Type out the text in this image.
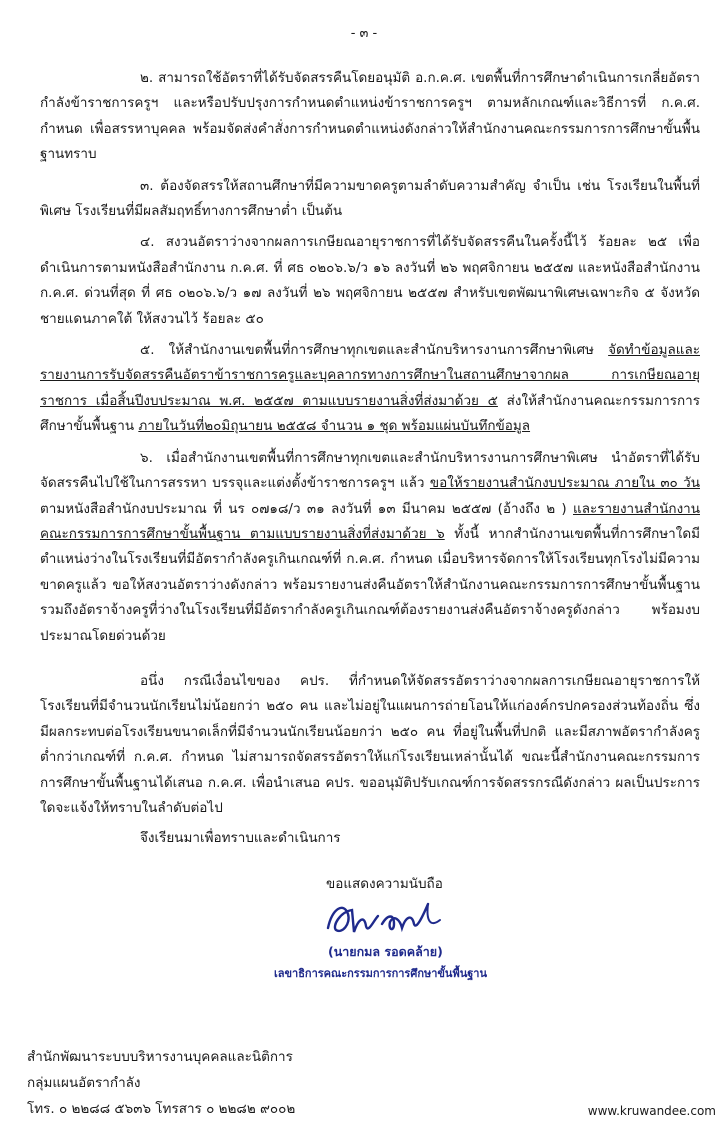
- ๓ -

๒. สามารถใช้อัตราที่ได้รับจัดสรรคืนโดยอนุมัติ อ.ก.ค.ศ. เขตพื้นที่การศึกษาดำเนินการเกลี่ยอัตรากำลังข้าราชการครูฯ และหรือปรับปรุงการกำหนดตำแหน่งข้าราชการครูฯ ตามหลักเกณฑ์และวิธีการที่ ก.ค.ศ. กำหนด เพื่อสรรหาบุคคล พร้อมจัดส่งคำสั่งการกำหนดตำแหน่งดังกล่าวให้สำนักงานคณะกรรมการการศึกษาขั้นพื้นฐานทราบ

๓. ต้องจัดสรรให้สถานศึกษาที่มีความขาดครูตามลำดับความสำคัญ จำเป็น เช่น โรงเรียนในพื้นที่พิเศษ โรงเรียนที่มีผลสัมฤทธิ์ทางการศึกษาต่ำ เป็นต้น

๔. สงวนอัตราว่างจากผลการเกษียณอายุราชการที่ได้รับจัดสรรคืนในครั้งนี้ไว้ ร้อยละ ๒๕ เพื่อดำเนินการตามหนังสือสำนักงาน ก.ค.ศ. ที่ ศธ ๐๒๐๖.๖/ว ๑๖ ลงวันที่ ๒๖ พฤศจิกายน ๒๕๕๗ และหนังสือสำนักงาน ก.ค.ศ. ด่วนที่สุด ที่ ศธ ๐๒๐๖.๖/ว ๑๗ ลงวันที่ ๒๖ พฤศจิกายน ๒๕๕๗ สำหรับเขตพัฒนาพิเศษเฉพาะกิจ ๕ จังหวัดชายแดนภาคใต้ ให้สงวนไว้ ร้อยละ ๕๐

๕. ให้สำนักงานเขตพื้นที่การศึกษาทุกเขตและสำนักบริหารงานการศึกษาพิเศษ จัดทำข้อมูลและรายงานการรับจัดสรรคืนอัตราข้าราชการครูและบุคลากรทางการศึกษาในสถานศึกษาจากผล การเกษียณอายุราชการ เมื่อสิ้นปีงบประมาณ พ.ศ. ๒๕๕๗ ตามแบบรายงานสิ่งที่ส่งมาด้วย ๕ ส่งให้สำนักงานคณะกรรมการการศึกษาขั้นพื้นฐาน ภายในวันที่๒๐มิถุนายน ๒๕๕๘ จำนวน ๑ ชุด พร้อมแผ่นบันทึกข้อมูล

๖. เมื่อสำนักงานเขตพื้นที่การศึกษาทุกเขตและสำนักบริหารงานการศึกษาพิเศษ นำอัตราที่ได้รับจัดสรรคืนไปใช้ในการสรรหา บรรจุและแต่งตั้งข้าราชการครูฯ แล้ว ขอให้รายงานสำนักงบประมาณ ภายใน ๓๐ วัน ตามหนังสือสำนักงบประมาณ ที่ นร ๐๗๑๘/ว ๓๑ ลงวันที่ ๑๓ มีนาคม ๒๕๕๗ (อ้างถึง ๒ ) และรายงานสำนักงานคณะกรรมการการศึกษาขั้นพื้นฐาน ตามแบบรายงานสิ่งที่ส่งมาด้วย ๖ ทั้งนี้ หากสำนักงานเขตพื้นที่การศึกษาใดมีตำแหน่งว่างในโรงเรียนที่มีอัตรากำลังครูเกินเกณฑ์ที่ ก.ค.ศ. กำหนด เมื่อบริหารจัดการให้โรงเรียนทุกโรงไม่มีความขาดครูแล้ว ขอให้สงวนอัตราว่างดังกล่าว พร้อมรายงานส่งคืนอัตราให้สำนักงานคณะกรรมการการศึกษาขั้นพื้นฐาน รวมถึงอัตราจ้างครูที่ว่างในโรงเรียนที่มีอัตรากำลังครูเกินเกณฑ์ต้องรายงานส่งคืนอัตราจ้างครูดังกล่าว พร้อมงบประมาณโดยด่วนด้วย

อนึ่ง กรณีเงื่อนไขของ คปร. ที่กำหนดให้จัดสรรอัตราว่างจากผลการเกษียณอายุราชการให้โรงเรียนที่มีจำนวนนักเรียนไม่น้อยกว่า ๒๕๐ คน และไม่อยู่ในแผนการถ่ายโอนให้แก่องค์กรปกครองส่วนท้องถิ่น ซึ่งมีผลกระทบต่อโรงเรียนขนาดเล็กที่มีจำนวนนักเรียนน้อยกว่า ๒๕๐ คน ที่อยู่ในพื้นที่ปกติ และมีสภาพอัตรากำลังครูต่ำกว่าเกณฑ์ที่ ก.ค.ศ. กำหนด ไม่สามารถจัดสรรอัตราให้แก่โรงเรียนเหล่านั้นได้ ขณะนี้สำนักงานคณะกรรมการการศึกษาขั้นพื้นฐานได้เสนอ ก.ค.ศ. เพื่อนำเสนอ คปร. ขออนุมัติปรับเกณฑ์การจัดสรรกรณีดังกล่าว ผลเป็นประการใดจะแจ้งให้ทราบในลำดับต่อไป

จึงเรียนมาเพื่อทราบและดำเนินการ
ขอแสดงความนับถือ
(นายกมล รอดคล้าย)
เลขาธิการคณะกรรมการการศึกษาขั้นพื้นฐาน
สำนักพัฒนาระบบบริหารงานบุคคลและนิติการ
กลุ่มแผนอัตรากำลัง
โทร. ๐ ๒๒๘๘ ๕๖๓๖ โทรสาร ๐ ๒๒๘๒ ๙๐๐๒	www.kruwandee.com
